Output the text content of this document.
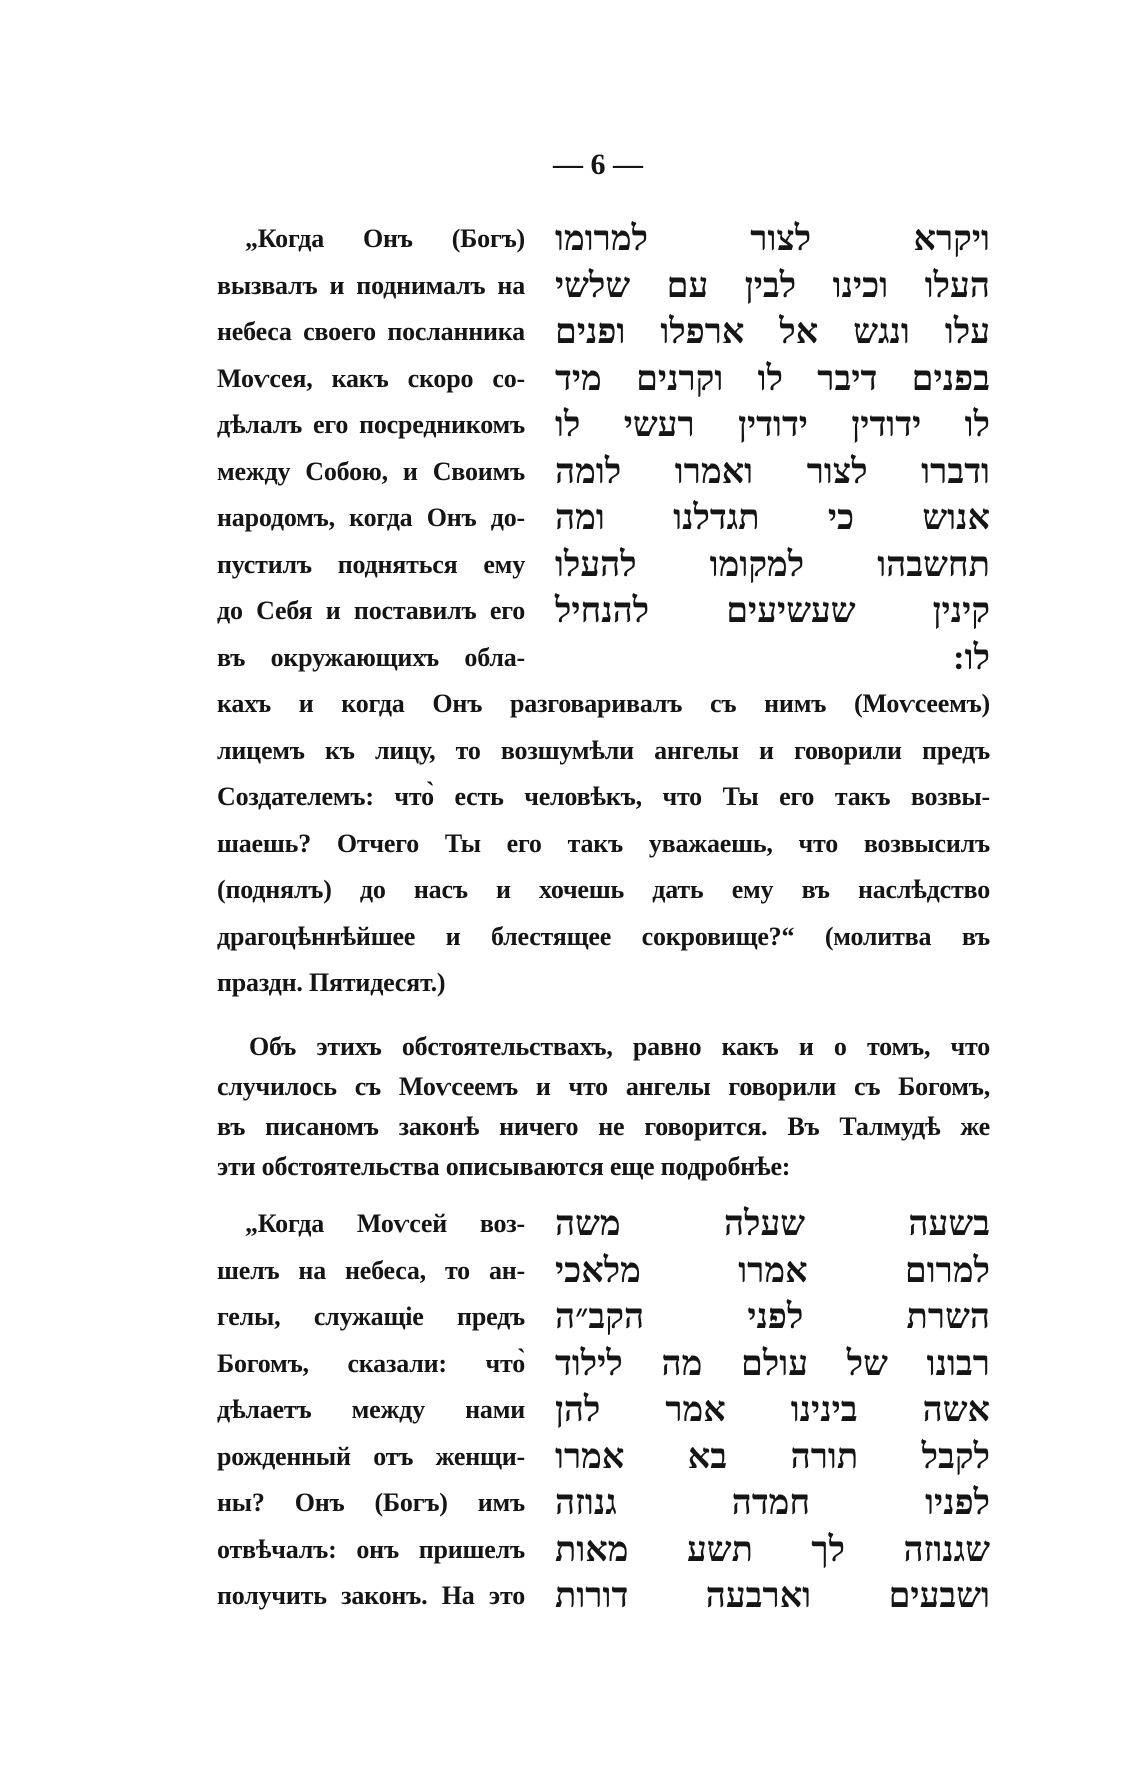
— 6 —
„Когда Онъ (Богъ)
вызвалъ и поднималъ на
небеса своего посланника
Моѵсея, какъ скоро со-
дѣлалъ его посредникомъ
между Собою, и Своимъ
народомъ, когда Онъ до-
пустилъ подняться ему
до Себя и поставилъ его
въ окружающихъ обла-
ויקרא לצור למרומו
העלו וכינו לבין עם שלשי
עלו ונגש אל ארפלו ופנים
בפנים דיבר לו וקרנים מיד
לו ידודין ידודין רעשי לו
ודברו לצור ואמרו לומה
אנוש כי תגדלנו ומה
תחשבהו למקומו להעלו
קינין שעשיעים להנחיל
לו:
кахъ и когда Онъ разговаривалъ съ нимъ (Моѵсеемъ)
лицемъ къ лицу, то возшумѣли ангелы и говорили предъ
Создателемъ: что̀ есть человѣкъ, что Ты его такъ возвы-
шаешь? Отчего Ты его такъ уважаешь, что возвысилъ
(поднялъ) до насъ и хочешь дать ему въ наслѣдство
драгоцѣннѣйшее и блестящее сокровище?“ (молитва въ
праздн. Пятидесят.)
Объ этихъ обстоятельствахъ, равно какъ и о томъ, что
случилось съ Моѵсеемъ и что ангелы говорили съ Богомъ,
въ писаномъ законѣ ничего не говорится. Въ Талмудѣ же
эти обстоятельства описываются еще подробнѣе:
„Когда Моѵсей воз-
шелъ на небеса, то ан-
гелы, служащіе предъ
Богомъ, сказали: что̀
дѣлаетъ между нами
рожденный отъ женщи-
ны? Онъ (Богъ) имъ
отвѣчалъ: онъ пришелъ
получить законъ. На это
בשעה שעלה משה
למרום אמרו מלאכי
השרת לפני הקב״ה
רבונו של עולם מה לילוד
אשה בינינו אמר להן
לקבל תורה בא אמרו
לפניו חמדה גנוזה
שגנוזה לך תשע מאות
ושבעים וארבעה דורות
